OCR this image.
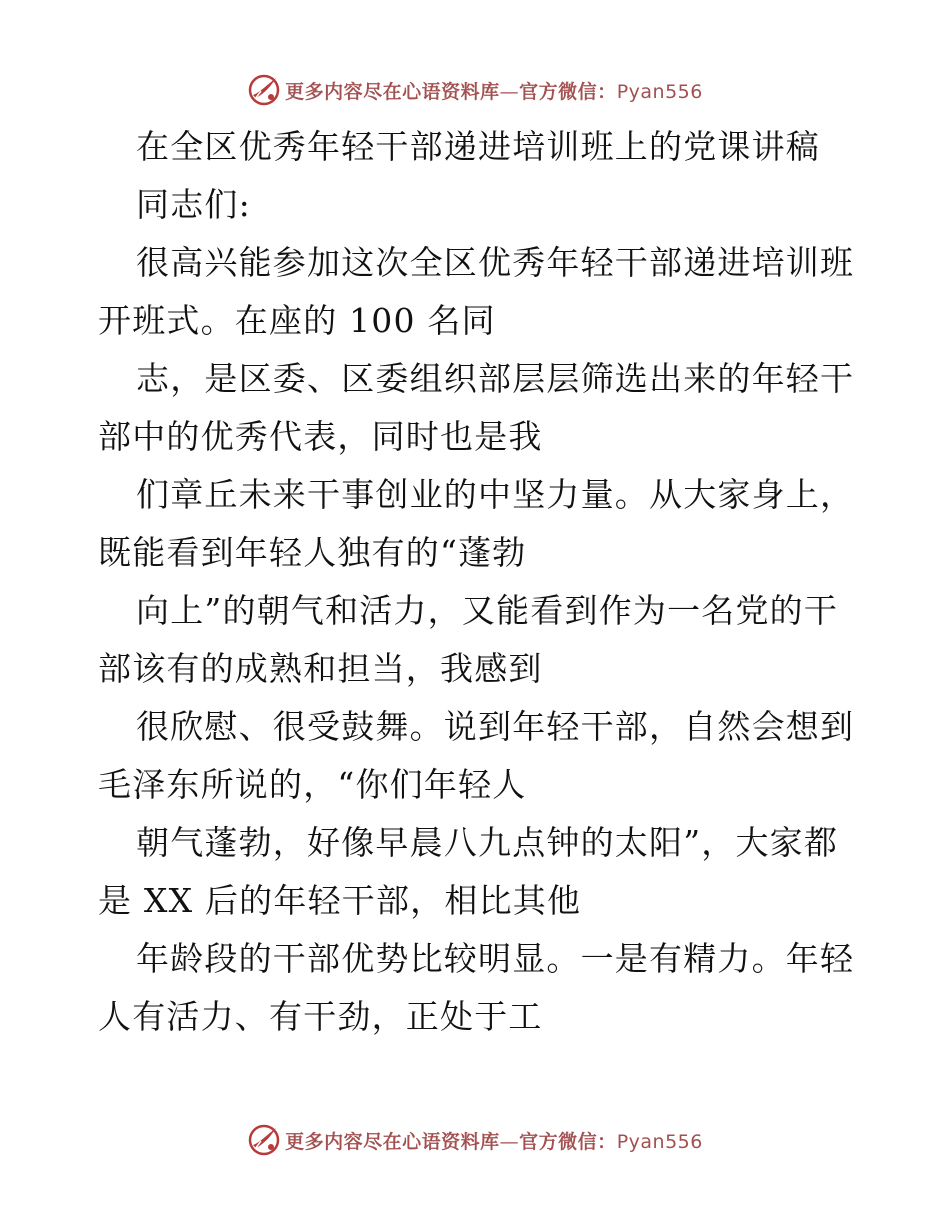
更多内容尽在心语资料库—官方微信：Pyan556
在全区优秀年轻干部递进培训班上的党课讲稿
同志们:
很高兴能参加这次全区优秀年轻干部递进培训班
开班式。在座的 100 名同
志，是区委、区委组织部层层筛选出来的年轻干
部中的优秀代表，同时也是我
们章丘未来干事创业的中坚力量。从大家身上，
既能看到年轻人独有的“蓬勃
向上”的朝气和活力，又能看到作为一名党的干
部该有的成熟和担当，我感到
很欣慰、很受鼓舞。说到年轻干部，自然会想到
毛泽东所说的，“你们年轻人
朝气蓬勃，好像早晨八九点钟的太阳”，大家都
是 XX 后的年轻干部，相比其他
年龄段的干部优势比较明显。一是有精力。年轻
人有活力、有干劲，正处于工
更多内容尽在心语资料库—官方微信：Pyan556
